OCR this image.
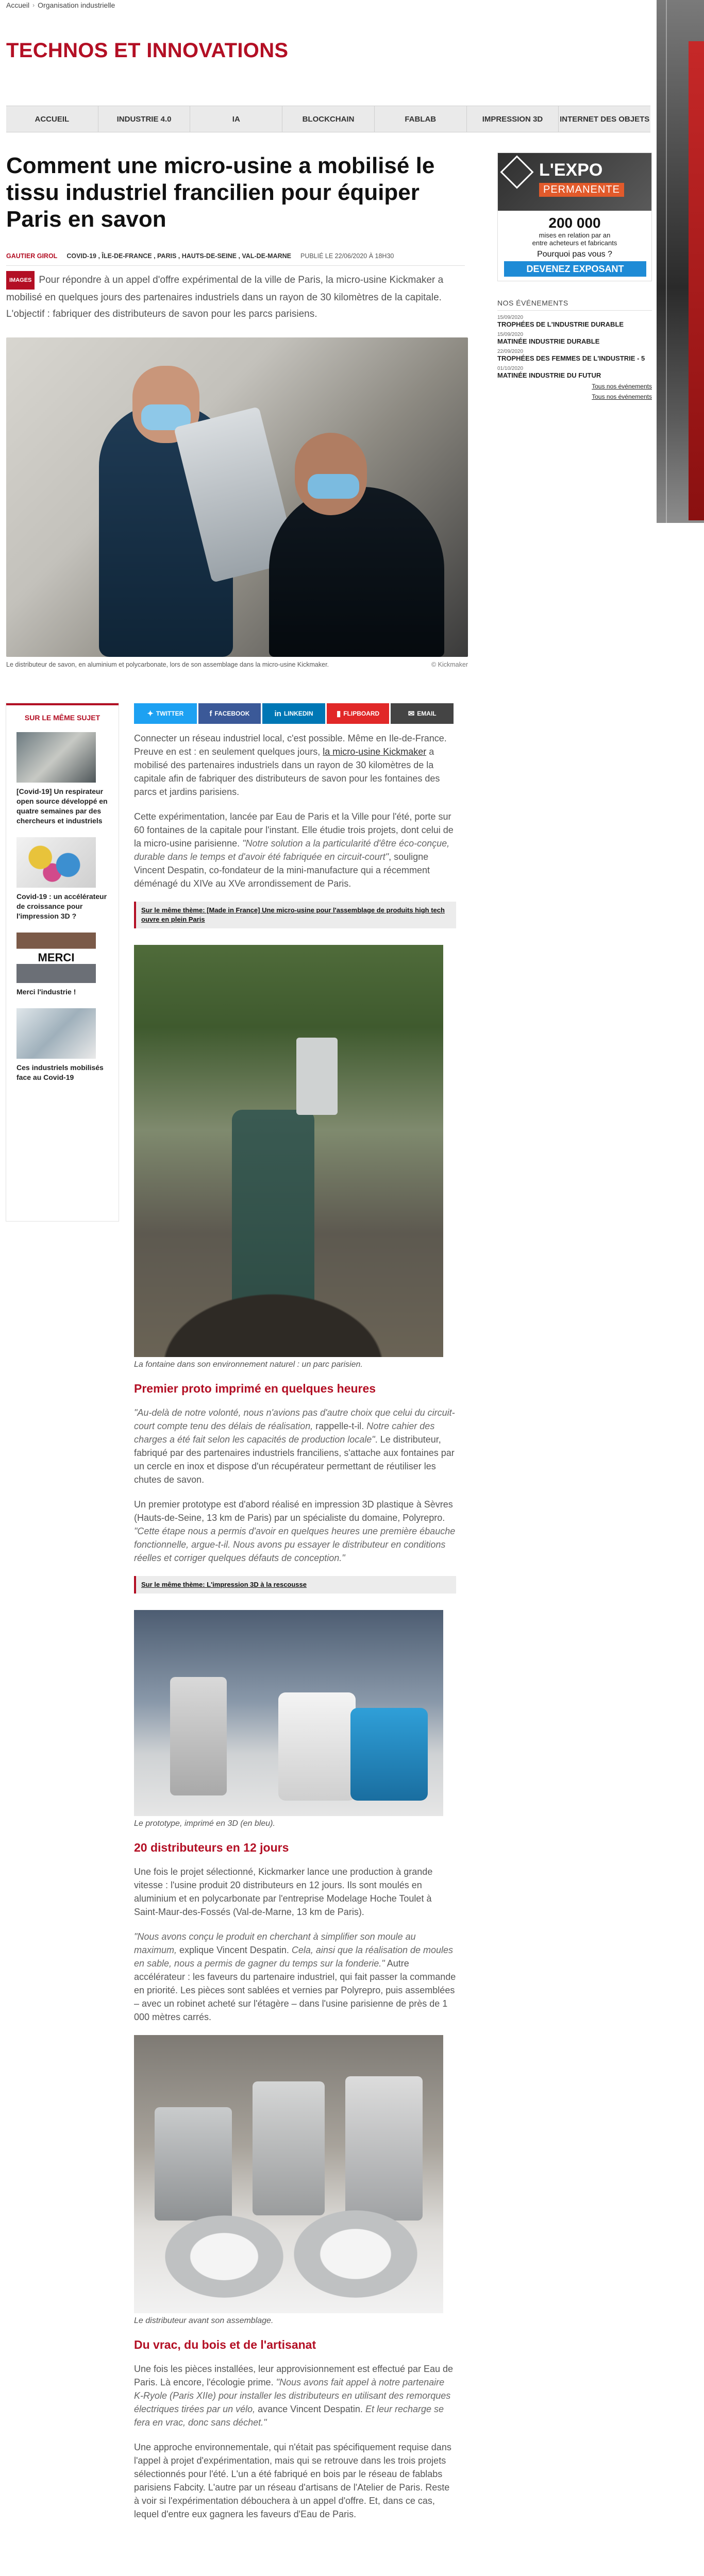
Accueil › Organisation industrielle
TECHNOS ET INNOVATIONS
ACCUEIL	INDUSTRIE 4.0	IA	BLOCKCHAIN	FABLAB	IMPRESSION 3D	INTERNET DES OBJETS
Comment une micro-usine a mobilisé le tissu industriel francilien pour équiper Paris en savon
GAUTIER GIROL COVID-19 , ÎLE-DE-FRANCE , PARIS , HAUTS-DE-SEINE , VAL-DE-MARNE PUBLIÉ LE 22/06/2020 À 18H30

IMAGES Pour répondre à un appel d'offre expérimental de la ville de Paris, la micro-usine Kickmaker a mobilisé en quelques jours des partenaires industriels dans un rayon de 30 kilomètres de la capitale. L'objectif : fabriquer des distributeurs de savon pour les parcs parisiens.

Le distributeur de savon, en aluminium et polycarbonate, lors de son assemblage dans la micro-usine Kickmaker.	© Kickmaker
L'EXPO
PERMANENTE
200 000
mises en relation par an
entre acheteurs et fabricants
Pourquoi pas vous ?
DEVENEZ EXPOSANT
NOS ÉVÉNEMENTS
15/09/2020
TROPHÉES DE L'INDUSTRIE DURABLE
15/09/2020
MATINÉE INDUSTRIE DURABLE
22/09/2020
TROPHÉES DES FEMMES DE L'INDUSTRIE - 5
01/10/2020
MATINÉE INDUSTRIE DU FUTUR
Tous nos événements
Tous nos événements
SUR LE MÊME SUJET
[Covid-19] Un respirateur open source développé en quatre semaines par des chercheurs et industriels
Covid-19 : un accélérateur de croissance pour l'impression 3D ?
MERCI
Merci l'industrie !
Ces industriels mobilisés face au Covid-19
✦ TWITTER	f FACEBOOK	in LINKEDIN	▮ FLIPBOARD	✉ EMAIL

Connecter un réseau industriel local, c'est possible. Même en Ile-de-France. Preuve en est : en seulement quelques jours, la micro-usine Kickmaker a mobilisé des partenaires industriels dans un rayon de 30 kilomètres de la capitale afin de fabriquer des distributeurs de savon pour les fontaines des parcs et jardins parisiens.

Cette expérimentation, lancée par Eau de Paris et la Ville pour l'été, porte sur 60 fontaines de la capitale pour l'instant. Elle étudie trois projets, dont celui de la micro-usine parisienne. "Notre solution a la particularité d'être éco-conçue, durable dans le temps et d'avoir été fabriquée en circuit-court", souligne Vincent Despatin, co-fondateur de la mini-manufacture qui a récemment déménagé du XIVe au XVe arrondissement de Paris.

Sur le même thème: [Made in France] Une micro-usine pour l'assemblage de produits high tech ouvre en plein Paris
La fontaine dans son environnement naturel : un parc parisien.
Premier proto imprimé en quelques heures

"Au-delà de notre volonté, nous n'avions pas d'autre choix que celui du circuit-court compte tenu des délais de réalisation, rappelle-t-il. Notre cahier des charges a été fait selon les capacités de production locale". Le distributeur, fabriqué par des partenaires industriels franciliens, s'attache aux fontaines par un cercle en inox et dispose d'un récupérateur permettant de réutiliser les chutes de savon.

Un premier prototype est d'abord réalisé en impression 3D plastique à Sèvres (Hauts-de-Seine, 13 km de Paris) par un spécialiste du domaine, Polyrepro. "Cette étape nous a permis d'avoir en quelques heures une première ébauche fonctionnelle, argue-t-il. Nous avons pu essayer le distributeur en conditions réelles et corriger quelques défauts de conception."

Sur le même thème: L'impression 3D à la rescousse
Le prototype, imprimé en 3D (en bleu).
20 distributeurs en 12 jours

Une fois le projet sélectionné, Kickmarker lance une production à grande vitesse : l'usine produit 20 distributeurs en 12 jours. Ils sont moulés en aluminium et en polycarbonate par l'entreprise Modelage Hoche Toulet à Saint-Maur-des-Fossés (Val-de-Marne, 13 km de Paris).

"Nous avons conçu le produit en cherchant à simplifier son moule au maximum, explique Vincent Despatin. Cela, ainsi que la réalisation de moules en sable, nous a permis de gagner du temps sur la fonderie." Autre accélérateur : les faveurs du partenaire industriel, qui fait passer la commande en priorité. Les pièces sont sablées et vernies par Polyrepro, puis assemblées – avec un robinet acheté sur l'étagère – dans l'usine parisienne de près de 1 000 mètres carrés.

Le distributeur avant son assemblage.
Du vrac, du bois et de l'artisanat

Une fois les pièces installées, leur approvisionnement est effectué par Eau de Paris. Là encore, l'écologie prime. "Nous avons fait appel à notre partenaire K-Ryole (Paris XIIe) pour installer les distributeurs en utilisant des remorques électriques tirées par un vélo, avance Vincent Despatin. Et leur recharge se fera en vrac, donc sans déchet."

Une approche environnementale, qui n'était pas spécifiquement requise dans l'appel à projet d'expérimentation, mais qui se retrouve dans les trois projets sélectionnés pour l'été. L'un a été fabriqué en bois par le réseau de fablabs parisiens Fabcity. L'autre par un réseau d'artisans de l'Atelier de Paris. Reste à voir si l'expérimentation débouchera à un appel d'offre. Et, dans ce cas, lequel d'entre eux gagnera les faveurs d'Eau de Paris.
